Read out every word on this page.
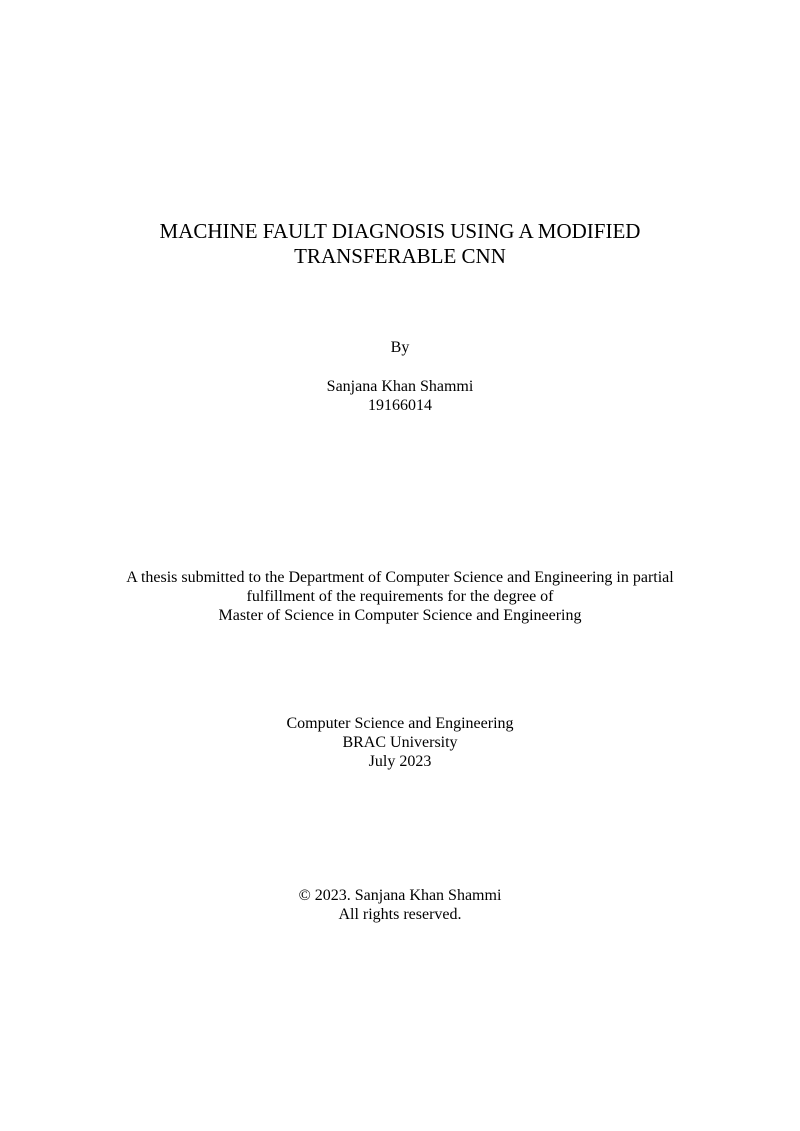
MACHINE FAULT DIAGNOSIS USING A MODIFIED
TRANSFERABLE CNN
By
Sanjana Khan Shammi
19166014
A thesis submitted to the Department of Computer Science and Engineering in partial
fulfillment of the requirements for the degree of
Master of Science in Computer Science and Engineering
Computer Science and Engineering
BRAC University
July 2023
© 2023. Sanjana Khan Shammi
All rights reserved.
